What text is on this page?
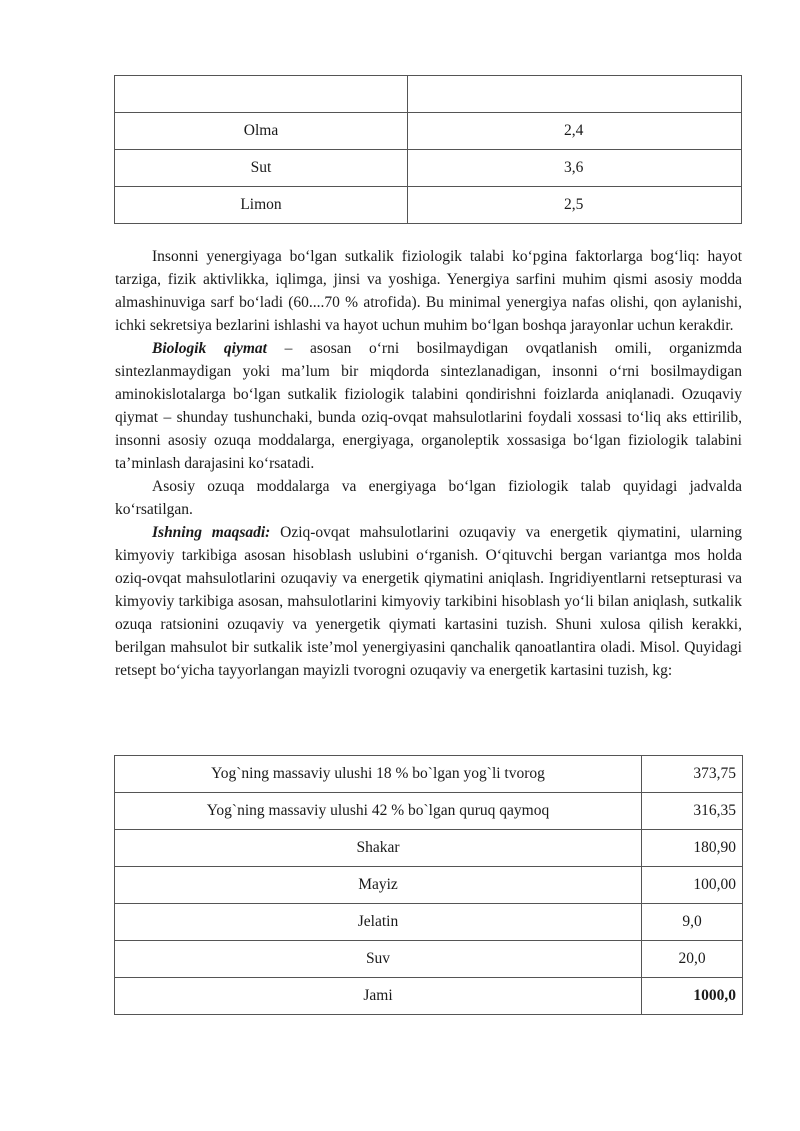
Olma	2,4
Sut	3,6
Limon	2,5

Insonni yenergiyaga bo‘lgan sutkalik fiziologik talabi ko‘pgina faktorlarga bog‘liq: hayot tarziga, fizik aktivlikka, iqlimga, jinsi va yoshiga. Yenergiya sarfini muhim qismi asosiy modda almashinuviga sarf bo‘ladi (60....70 % atrofida). Bu minimal yenergiya nafas olishi, qon aylanishi, ichki sekretsiya bezlarini ishlashi va hayot uchun muhim bo‘lgan boshqa jarayonlar uchun kerakdir.

Biologik qiymat – asosan o‘rni bosilmaydigan ovqatlanish omili, organizmda sintezlanmaydigan yoki ma’lum bir miqdorda sintezlanadigan, insonni o‘rni bosilmaydigan aminokislotalarga bo‘lgan sutkalik fiziologik talabini qondirishni foizlarda aniqlanadi. Ozuqaviy qiymat – shunday tushunchaki, bunda oziq-ovqat mahsulotlarini foydali xossasi to‘liq aks ettirilib, insonni asosiy ozuqa moddalarga, energiyaga, organoleptik xossasiga bo‘lgan fiziologik talabini ta’minlash darajasini ko‘rsatadi.

Asosiy ozuqa moddalarga va energiyaga bo‘lgan fiziologik talab quyidagi jadvalda ko‘rsatilgan.

Ishning maqsadi: Oziq-ovqat mahsulotlarini ozuqaviy va energetik qiymatini, ularning kimyoviy tarkibiga asosan hisoblash uslubini o‘rganish. O‘qituvchi bergan variantga mos holda oziq-ovqat mahsulotlarini ozuqaviy va energetik qiymatini aniqlash. Ingridiyentlarni retsepturasi va kimyoviy tarkibiga asosan, mahsulotlarini kimyoviy tarkibini hisoblash yo‘li bilan aniqlash, sutkalik ozuqa ratsionini ozuqaviy va yenergetik qiymati kartasini tuzish. Shuni xulosa qilish kerakki, berilgan mahsulot bir sutkalik iste’mol yenergiyasini qanchalik qanoatlantira oladi. Misol. Quyidagi retsept bo‘yicha tayyorlangan mayizli tvorogni ozuqaviy va energetik kartasini tuzish, kg:

Yog`ning massaviy ulushi 18 % bo`lgan yog`li tvorog	373,75
Yog`ning massaviy ulushi 42 % bo`lgan quruq qaymoq	316,35
Shakar	180,90
Mayiz	100,00
Jelatin	9,0
Suv	20,0
Jami	1000,0
